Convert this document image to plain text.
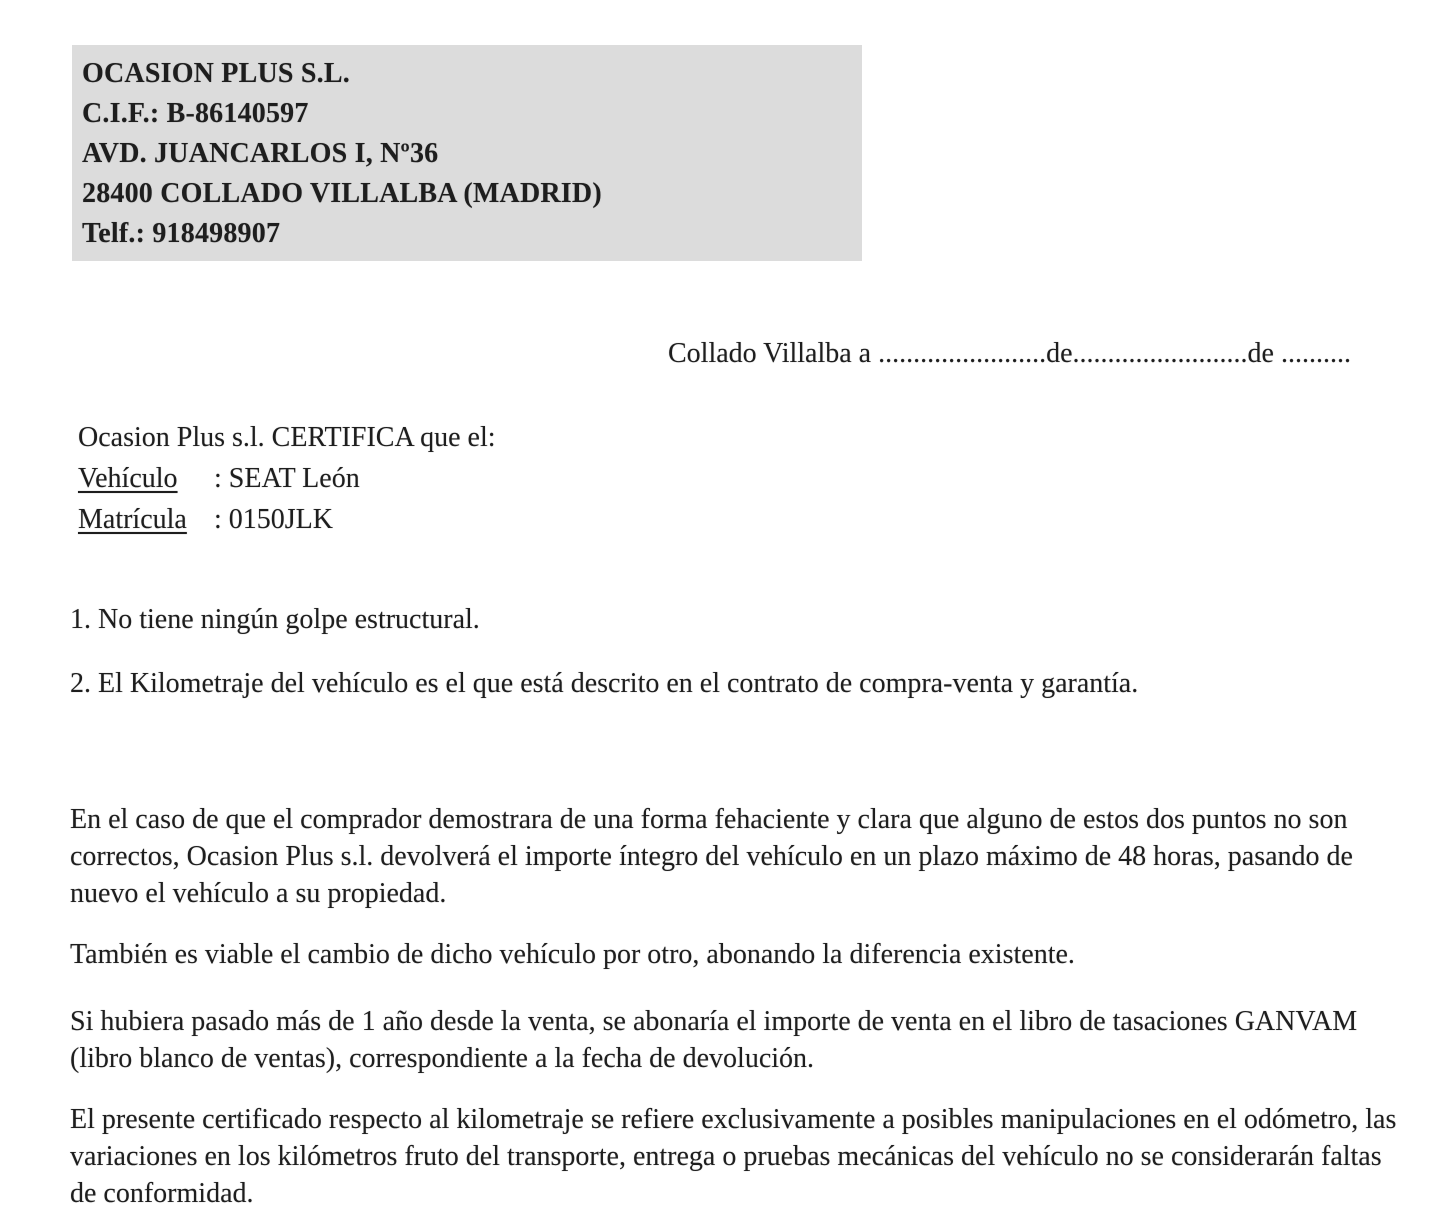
OCASION PLUS S.L.
C.I.F.: B-86140597
AVD. JUANCARLOS I, Nº36
28400 COLLADO VILLALBA (MADRID)
Telf.: 918498907
Collado Villalba a ........................de.........................de ..........
Ocasion Plus s.l. CERTIFICA que el:
Vehículo : SEAT León
Matrícula : 0150JLK
1. No tiene ningún golpe estructural.
2. El Kilometraje del vehículo es el que está descrito en el contrato de compra-venta y garantía.
En el caso de que el comprador demostrara de una forma fehaciente y clara que alguno de estos dos puntos no son correctos, Ocasion Plus s.l. devolverá el importe íntegro del vehículo en un plazo máximo de 48 horas, pasando de nuevo el vehículo a su propiedad.
También es viable el cambio de dicho vehículo por otro, abonando la diferencia existente.
Si hubiera pasado más de 1 año desde la venta, se abonaría el importe de venta en el libro de tasaciones GANVAM (libro blanco de ventas), correspondiente a la fecha de devolución.
El presente certificado respecto al kilometraje se refiere exclusivamente a posibles manipulaciones en el odómetro, las variaciones en los kilómetros fruto del transporte, entrega o pruebas mecánicas del vehículo no se considerarán faltas de conformidad.
